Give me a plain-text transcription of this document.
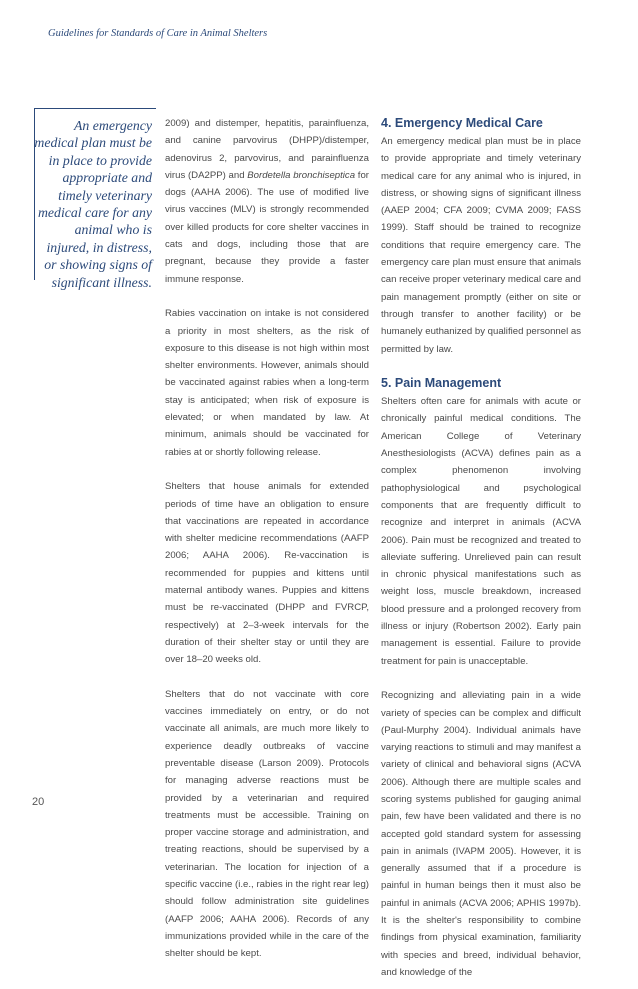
Guidelines for Standards of Care in Animal Shelters
An emergency medical plan must be in place to provide appropriate and timely veterinary medical care for any animal who is injured, in distress, or showing signs of significant illness.

2009) and distemper, hepatitis, parainfluenza, and canine parvovirus (DHPP)/distemper, adenovirus 2, parvovirus, and parainfluenza virus (DA2PP) and Bordetella bronchiseptica for dogs (AAHA 2006). The use of modified live virus vaccines (MLV) is strongly recommended over killed products for core shelter vaccines in cats and dogs, including those that are pregnant, because they provide a faster immune response.

Rabies vaccination on intake is not considered a priority in most shelters, as the risk of exposure to this disease is not high within most shelter environments. However, animals should be vaccinated against rabies when a long-term stay is anticipated; when risk of exposure is elevated; or when mandated by law. At minimum, animals should be vaccinated for rabies at or shortly following release.

Shelters that house animals for extended periods of time have an obligation to ensure that vaccinations are repeated in accordance with shelter medicine recommendations (AAFP 2006; AAHA 2006). Re-vaccination is recommended for puppies and kittens until maternal antibody wanes. Puppies and kittens must be re-vaccinated (DHPP and FVRCP, respectively) at 2–3-week intervals for the duration of their shelter stay or until they are over 18–20 weeks old.

Shelters that do not vaccinate with core vaccines immediately on entry, or do not vaccinate all animals, are much more likely to experience deadly outbreaks of vaccine preventable disease (Larson 2009). Protocols for managing adverse reactions must be provided by a veterinarian and required treatments must be accessible. Training on proper vaccine storage and administration, and treating reactions, should be supervised by a veterinarian. The location for injection of a specific vaccine (i.e., rabies in the right rear leg) should follow administration site guidelines (AAFP 2006; AAHA 2006). Records of any immunizations provided while in the care of the shelter should be kept.

4. Emergency Medical Care

An emergency medical plan must be in place to provide appropriate and timely veterinary medical care for any animal who is injured, in distress, or showing signs of significant illness (AAEP 2004; CFA 2009; CVMA 2009; FASS 1999). Staff should be trained to recognize conditions that require emergency care. The emergency care plan must ensure that animals can receive proper veterinary medical care and pain management promptly (either on site or through transfer to another facility) or be humanely euthanized by qualified personnel as permitted by law.

5. Pain Management

Shelters often care for animals with acute or chronically painful medical conditions. The American College of Veterinary Anesthesiologists (ACVA) defines pain as a complex phenomenon involving pathophysiological and psychological components that are frequently difficult to recognize and interpret in animals (ACVA 2006). Pain must be recognized and treated to alleviate suffering. Unrelieved pain can result in chronic physical manifestations such as weight loss, muscle breakdown, increased blood pressure and a prolonged recovery from illness or injury (Robertson 2002). Early pain management is essential. Failure to provide treatment for pain is unacceptable.

Recognizing and alleviating pain in a wide variety of species can be complex and difficult (Paul-Murphy 2004). Individual animals have varying reactions to stimuli and may manifest a variety of clinical and behavioral signs (ACVA 2006). Although there are multiple scales and scoring systems published for gauging animal pain, few have been validated and there is no accepted gold standard system for assessing pain in animals (IVAPM 2005). However, it is generally assumed that if a procedure is painful in human beings then it must also be painful in animals (ACVA 2006; APHIS 1997b). It is the shelter's responsibility to combine findings from physical examination, familiarity with species and breed, individual behavior, and knowledge of the

20
